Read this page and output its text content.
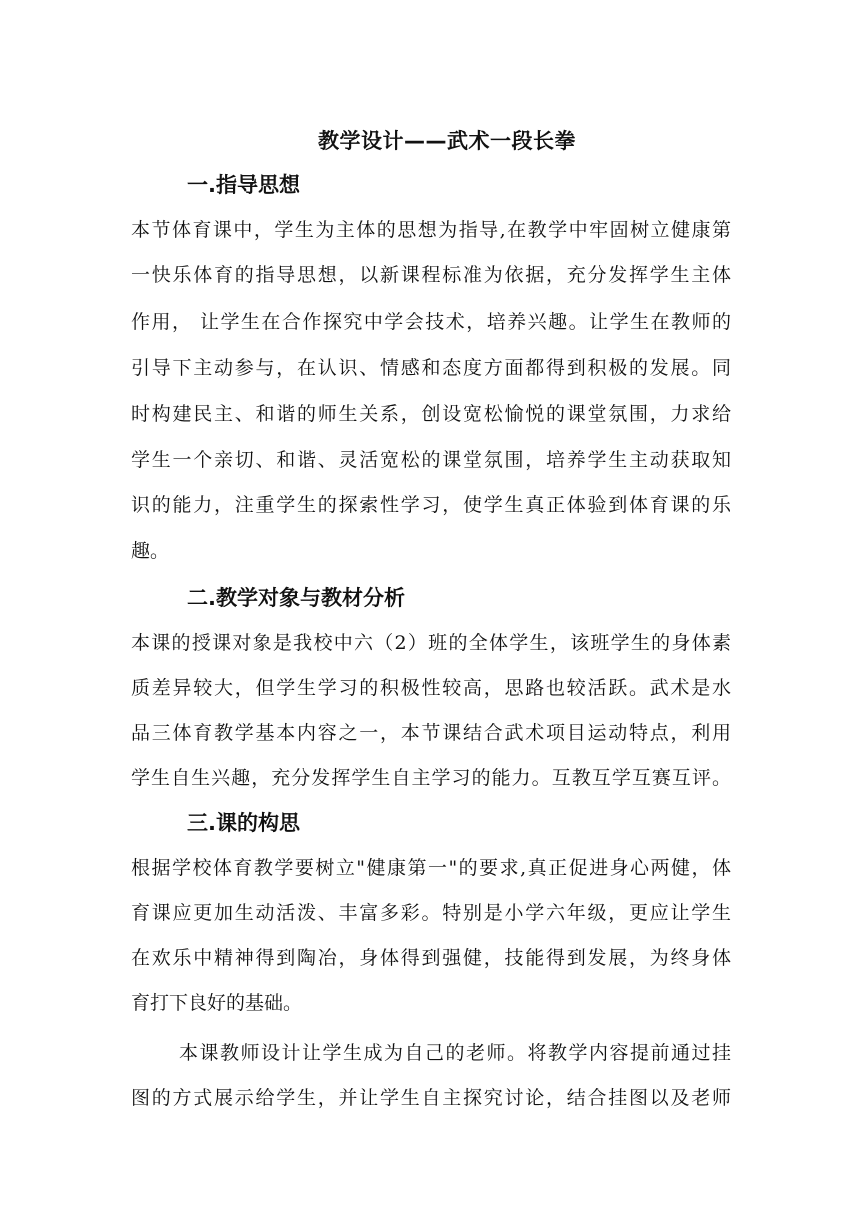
教学设计——武术一段长拳
一.指导思想

本节体育课中，学生为主体的思想为指导,在教学中牢固树立健康第

一快乐体育的指导思想，以新课程标准为依据，充分发挥学生主体

作用， 让学生在合作探究中学会技术，培养兴趣。让学生在教师的

引导下主动参与，在认识、情感和态度方面都得到积极的发展。同

时构建民主、和谐的师生关系，创设宽松愉悦的课堂氛围，力求给

学生一个亲切、和谐、灵活宽松的课堂氛围，培养学生主动获取知

识的能力，注重学生的探索性学习，使学生真正体验到体育课的乐

趣。

二.教学对象与教材分析

本课的授课对象是我校中六（2）班的全体学生，该班学生的身体素

质差异较大，但学生学习的积极性较高，思路也较活跃。武术是水

品三体育教学基本内容之一，本节课结合武术项目运动特点，利用

学生自生兴趣，充分发挥学生自主学习的能力。互教互学互赛互评。

三.课的构思

根据学校体育教学要树立"健康第一"的要求,真正促进身心两健，体

育课应更加生动活泼、丰富多彩。特别是小学六年级，更应让学生

在欢乐中精神得到陶冶，身体得到强健，技能得到发展，为终身体

育打下良好的基础。

本课教师设计让学生成为自己的老师。将教学内容提前通过挂

图的方式展示给学生，并让学生自主探究讨论，结合挂图以及老师
